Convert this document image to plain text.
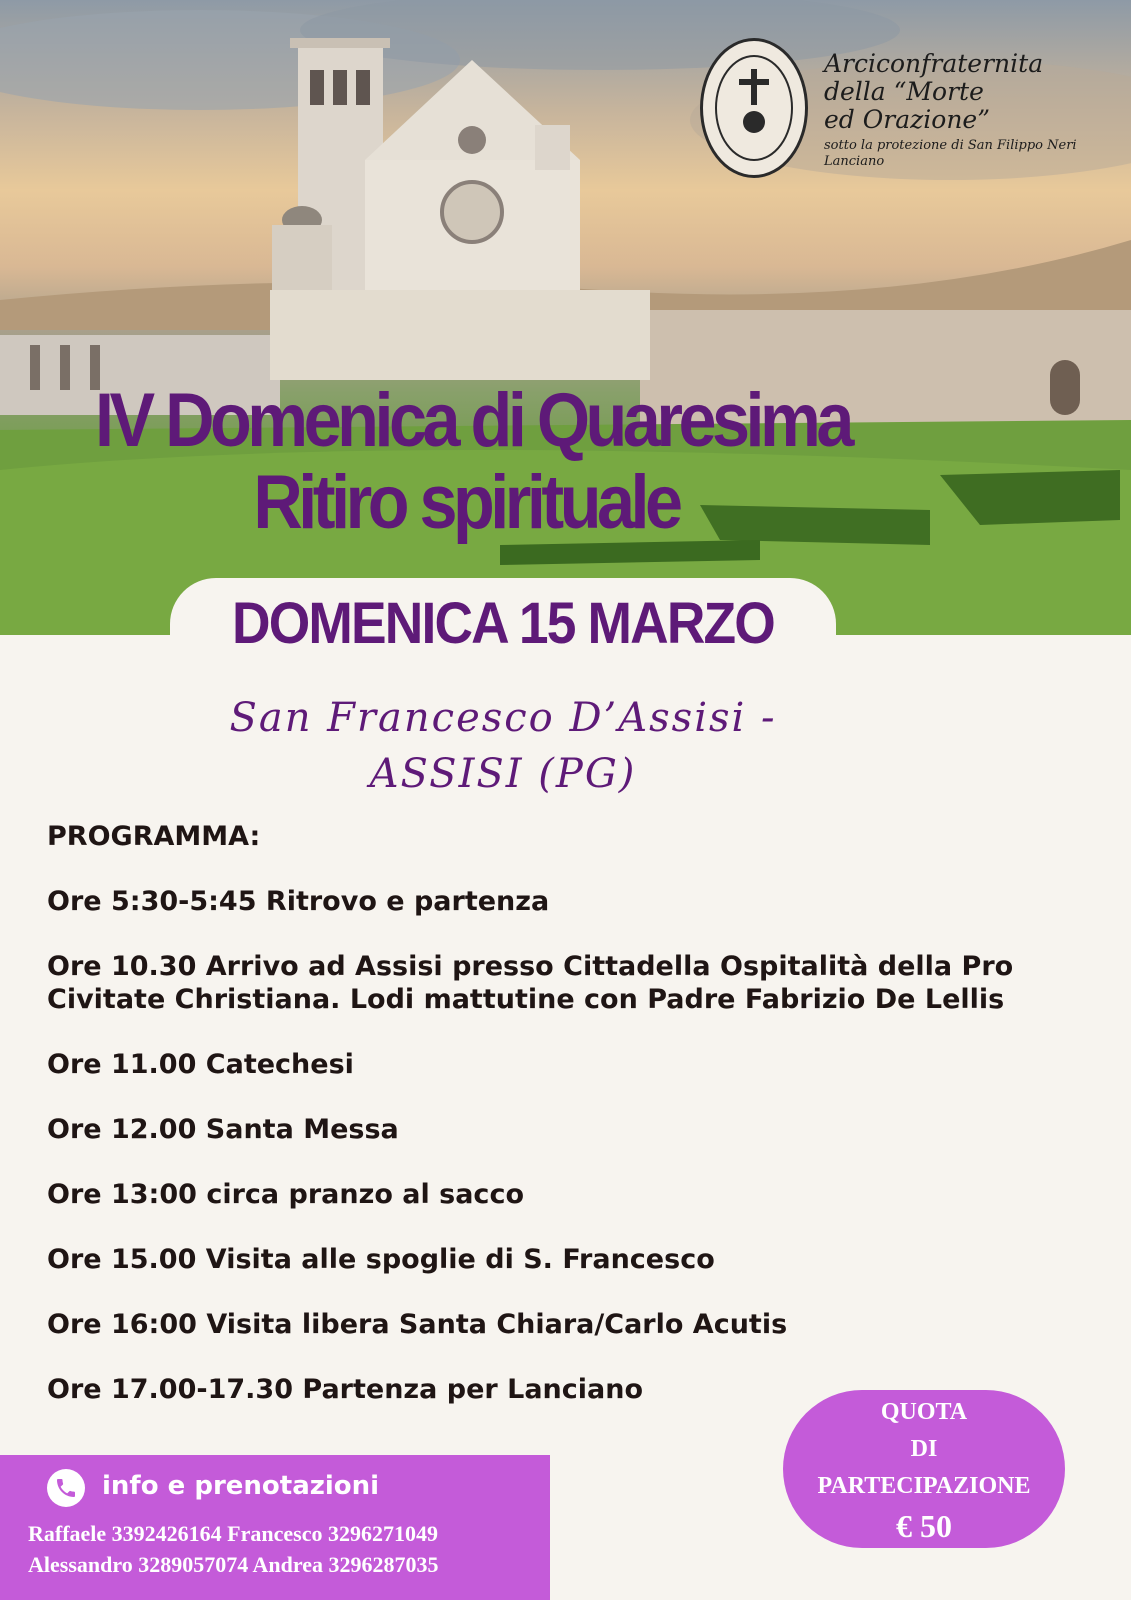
Arciconfraternita
della “Morte
ed Orazione”
sotto la protezione di San Filippo Neri
Lanciano
IV Domenica di Quaresima
Ritiro spirituale
DOMENICA 15 MARZO
San Francesco D’Assisi -
ASSISI (PG)
PROGRAMMA:
Ore 5:30-5:45 Ritrovo e partenza
Ore 10.30 Arrivo ad Assisi presso Cittadella Ospitalità della Pro Civitate Christiana. Lodi mattutine con Padre Fabrizio De Lellis
Ore 11.00 Catechesi
Ore 12.00 Santa Messa
Ore 13:00 circa pranzo al sacco
Ore 15.00 Visita alle spoglie di S. Francesco
Ore 16:00 Visita libera Santa Chiara/Carlo Acutis
Ore 17.00-17.30 Partenza per Lanciano
QUOTA
DI
PARTECIPAZIONE
€ 50
info e prenotazioni
Raffaele 3392426164 Francesco 3296271049
Alessandro 3289057074 Andrea 3296287035
